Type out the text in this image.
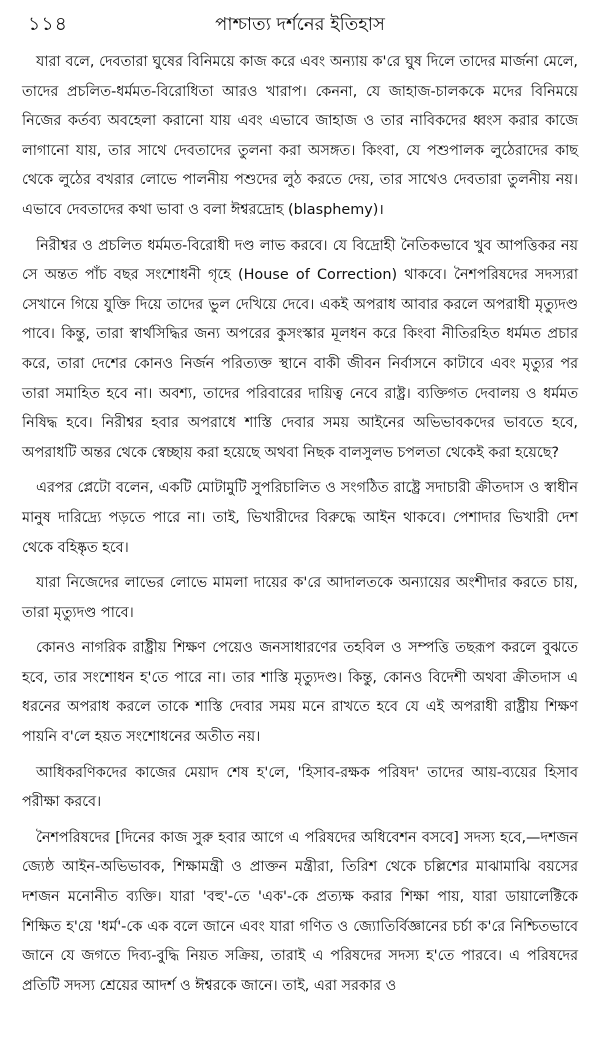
১১৪	পাশ্চাত্য দর্শনের ইতিহাস

যারা বলে, দেবতারা ঘুষের বিনিময়ে কাজ করে এবং অন্যায় ক'রে ঘুষ দিলে তাদের মার্জনা মেলে, তাদের প্রচলিত-ধর্মমত-বিরোধিতা আরও খারাপ। কেননা, যে জাহাজ-চালককে মদের বিনিময়ে নিজের কর্তব্য অবহেলা করানো যায় এবং এভাবে জাহাজ ও তার নাবিকদের ধ্বংস করার কাজে লাগানো যায়, তার সাথে দেবতাদের তুলনা করা অসঙ্গত। কিংবা, যে পশুপালক লুঠেরাদের কাছ থেকে লুঠের বখরার লোভে পালনীয় পশুদের লুঠ করতে দেয়, তার সাথেও দেবতারা তুলনীয় নয়। এভাবে দেবতাদের কথা ভাবা ও বলা ঈশ্বরদ্রোহ (blasphemy)।

নিরীশ্বর ও প্রচলিত ধর্মমত-বিরোধী দণ্ড লাভ করবে। যে বিদ্রোহী নৈতিকভাবে খুব আপত্তিকর নয় সে অন্তত পাঁচ বছর সংশোধনী গৃহে (House of Correction) থাকবে। নৈশপরিষদের সদস্যরা সেখানে গিয়ে যুক্তি দিয়ে তাদের ভুল দেখিয়ে দেবে। একই অপরাধ আবার করলে অপরাধী মৃত্যুদণ্ড পাবে। কিন্তু, তারা স্বার্থসিদ্ধির জন্য অপরের কুসংস্কার মূলধন করে কিংবা নীতিরহিত ধর্মমত প্রচার করে, তারা দেশের কোনও নির্জন পরিত্যক্ত স্থানে বাকী জীবন নির্বাসনে কাটাবে এবং মৃত্যুর পর তারা সমাহিত হবে না। অবশ্য, তাদের পরিবারের দায়িত্ব নেবে রাষ্ট্র। ব্যক্তিগত দেবালয় ও ধর্মমত নিষিদ্ধ হবে। নিরীশ্বর হবার অপরাধে শাস্তি দেবার সময় আইনের অভিভাবকদের ভাবতে হবে, অপরাধটি অন্তর থেকে স্বেচ্ছায় করা হয়েছে অথবা নিছক বালসুলভ চপলতা থেকেই করা হয়েছে?

এরপর প্লেটো বলেন, একটি মোটামুটি সুপরিচালিত ও সংগঠিত রাষ্ট্রে সদাচারী ক্রীতদাস ও স্বাধীন মানুষ দারিদ্র্যে পড়তে পারে না। তাই, ভিখারীদের বিরুদ্ধে আইন থাকবে। পেশাদার ভিখারী দেশ থেকে বহিষ্কৃত হবে।

যারা নিজেদের লাভের লোভে মামলা দায়ের ক'রে আদালতকে অন্যায়ের অংশীদার করতে চায়, তারা মৃত্যুদণ্ড পাবে।

কোনও নাগরিক রাষ্ট্রীয় শিক্ষণ পেয়েও জনসাধারণের তহবিল ও সম্পত্তি তছরূপ করলে বুঝতে হবে, তার সংশোধন হ'তে পারে না। তার শাস্তি মৃত্যুদণ্ড। কিন্তু, কোনও বিদেশী অথবা ক্রীতদাস এ ধরনের অপরাধ করলে তাকে শাস্তি দেবার সময় মনে রাখতে হবে যে এই অপরাধী রাষ্ট্রীয় শিক্ষণ পায়নি ব'লে হয়ত সংশোধনের অতীত নয়।

আধিকরণিকদের কাজের মেয়াদ শেষ হ'লে, 'হিসাব-রক্ষক পরিষদ' তাদের আয়-ব্যয়ের হিসাব পরীক্ষা করবে।

নৈশপরিষদের [দিনের কাজ সুরু হবার আগে এ পরিষদের অধিবেশন বসবে] সদস্য হবে,—দশজন জ্যেষ্ঠ আইন-অভিভাবক, শিক্ষামন্ত্রী ও প্রাক্তন মন্ত্রীরা, তিরিশ থেকে চল্লিশের মাঝামাঝি বয়সের দশজন মনোনীত ব্যক্তি। যারা 'বহু'-তে 'এক'-কে প্রত্যক্ষ করার শিক্ষা পায়, যারা ডায়ালেক্টিকে শিক্ষিত হ'য়ে 'ধর্ম'-কে এক বলে জানে এবং যারা গণিত ও জ্যোতির্বিজ্ঞানের চর্চা ক'রে নিশ্চিতভাবে জানে যে জগতে দিব্য-বুদ্ধি নিয়ত সক্রিয়, তারাই এ পরিষদের সদস্য হ'তে পারবে। এ পরিষদের প্রতিটি সদস্য শ্রেয়ের আদর্শ ও ঈশ্বরকে জানে। তাই, এরা সরকার ও
